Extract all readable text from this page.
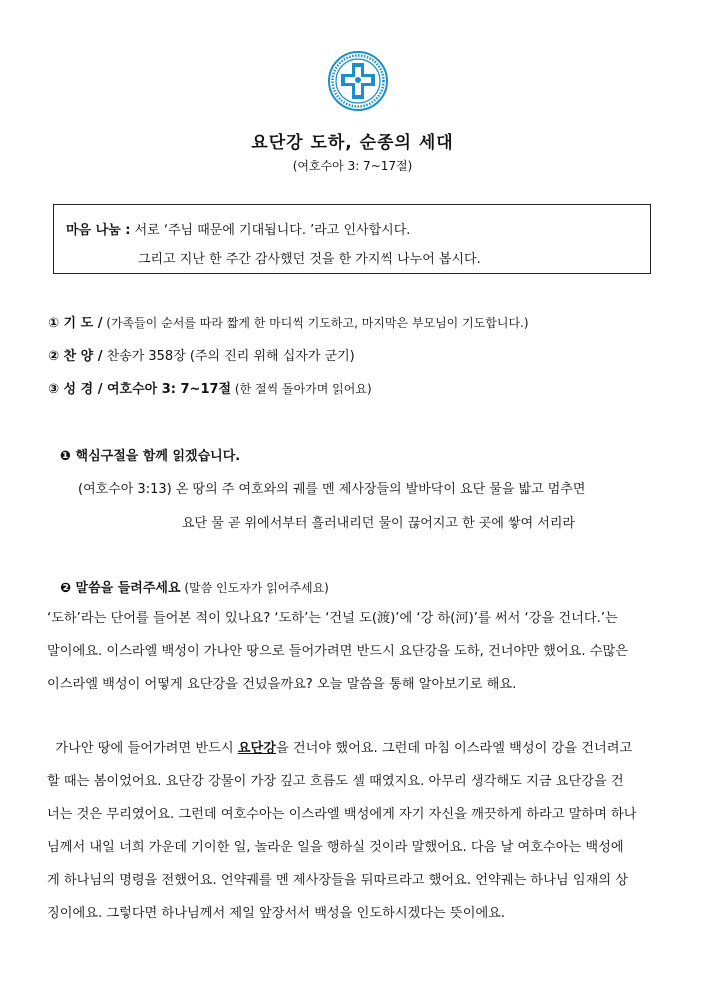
요단강 도하, 순종의 세대
(여호수아 3: 7~17절)
마음 나눔 : 서로 ‘주님 때문에 기대됩니다. ’라고 인사합시다.
그리고 지난 한 주간 감사했던 것을 한 가지씩 나누어 봅시다.
① 기 도 / (가족들이 순서를 따라 짧게 한 마디씩 기도하고, 마지막은 부모님이 기도합니다.)
② 찬 양 / 찬송가 358장 (주의 진리 위해 십자가 군기)
③ 성 경 / 여호수아 3: 7~17절 (한 절씩 돌아가며 읽어요)
❶ 핵심구절을 함께 읽겠습니다.
(여호수아 3:13) 온 땅의 주 여호와의 궤를 멘 제사장들의 발바닥이 요단 물을 밟고 멈추면
요단 물 곧 위에서부터 흘러내리던 물이 끊어지고 한 곳에 쌓여 서리라
❷ 말씀을 들려주세요 (말씀 인도자가 읽어주세요)
‘도하’라는 단어를 들어본 적이 있나요? ‘도하’는 ‘건널 도(渡)’에 ‘강 하(河)’를 써서 ‘강을 건너다.’는
말이에요. 이스라엘 백성이 가나안 땅으로 들어가려면 반드시 요단강을 도하, 건너야만 했어요. 수많은
이스라엘 백성이 어떻게 요단강을 건넜을까요? 오늘 말씀을 통해 알아보기로 해요.
가나안 땅에 들어가려면 반드시 요단강을 건너야 했어요. 그런데 마침 이스라엘 백성이 강을 건너려고
할 때는 봄이었어요. 요단강 강물이 가장 깊고 흐름도 셀 때였지요. 아무리 생각해도 지금 요단강을 건
너는 것은 무리였어요. 그런데 여호수아는 이스라엘 백성에게 자기 자신을 깨끗하게 하라고 말하며 하나
님께서 내일 너희 가운데 기이한 일, 놀라운 일을 행하실 것이라 말했어요. 다음 날 여호수아는 백성에
게 하나님의 명령을 전했어요. 언약궤를 멘 제사장들을 뒤따르라고 했어요. 언약궤는 하나님 임재의 상
징이에요. 그렇다면 하나님께서 제일 앞장서서 백성을 인도하시겠다는 뜻이에요.
